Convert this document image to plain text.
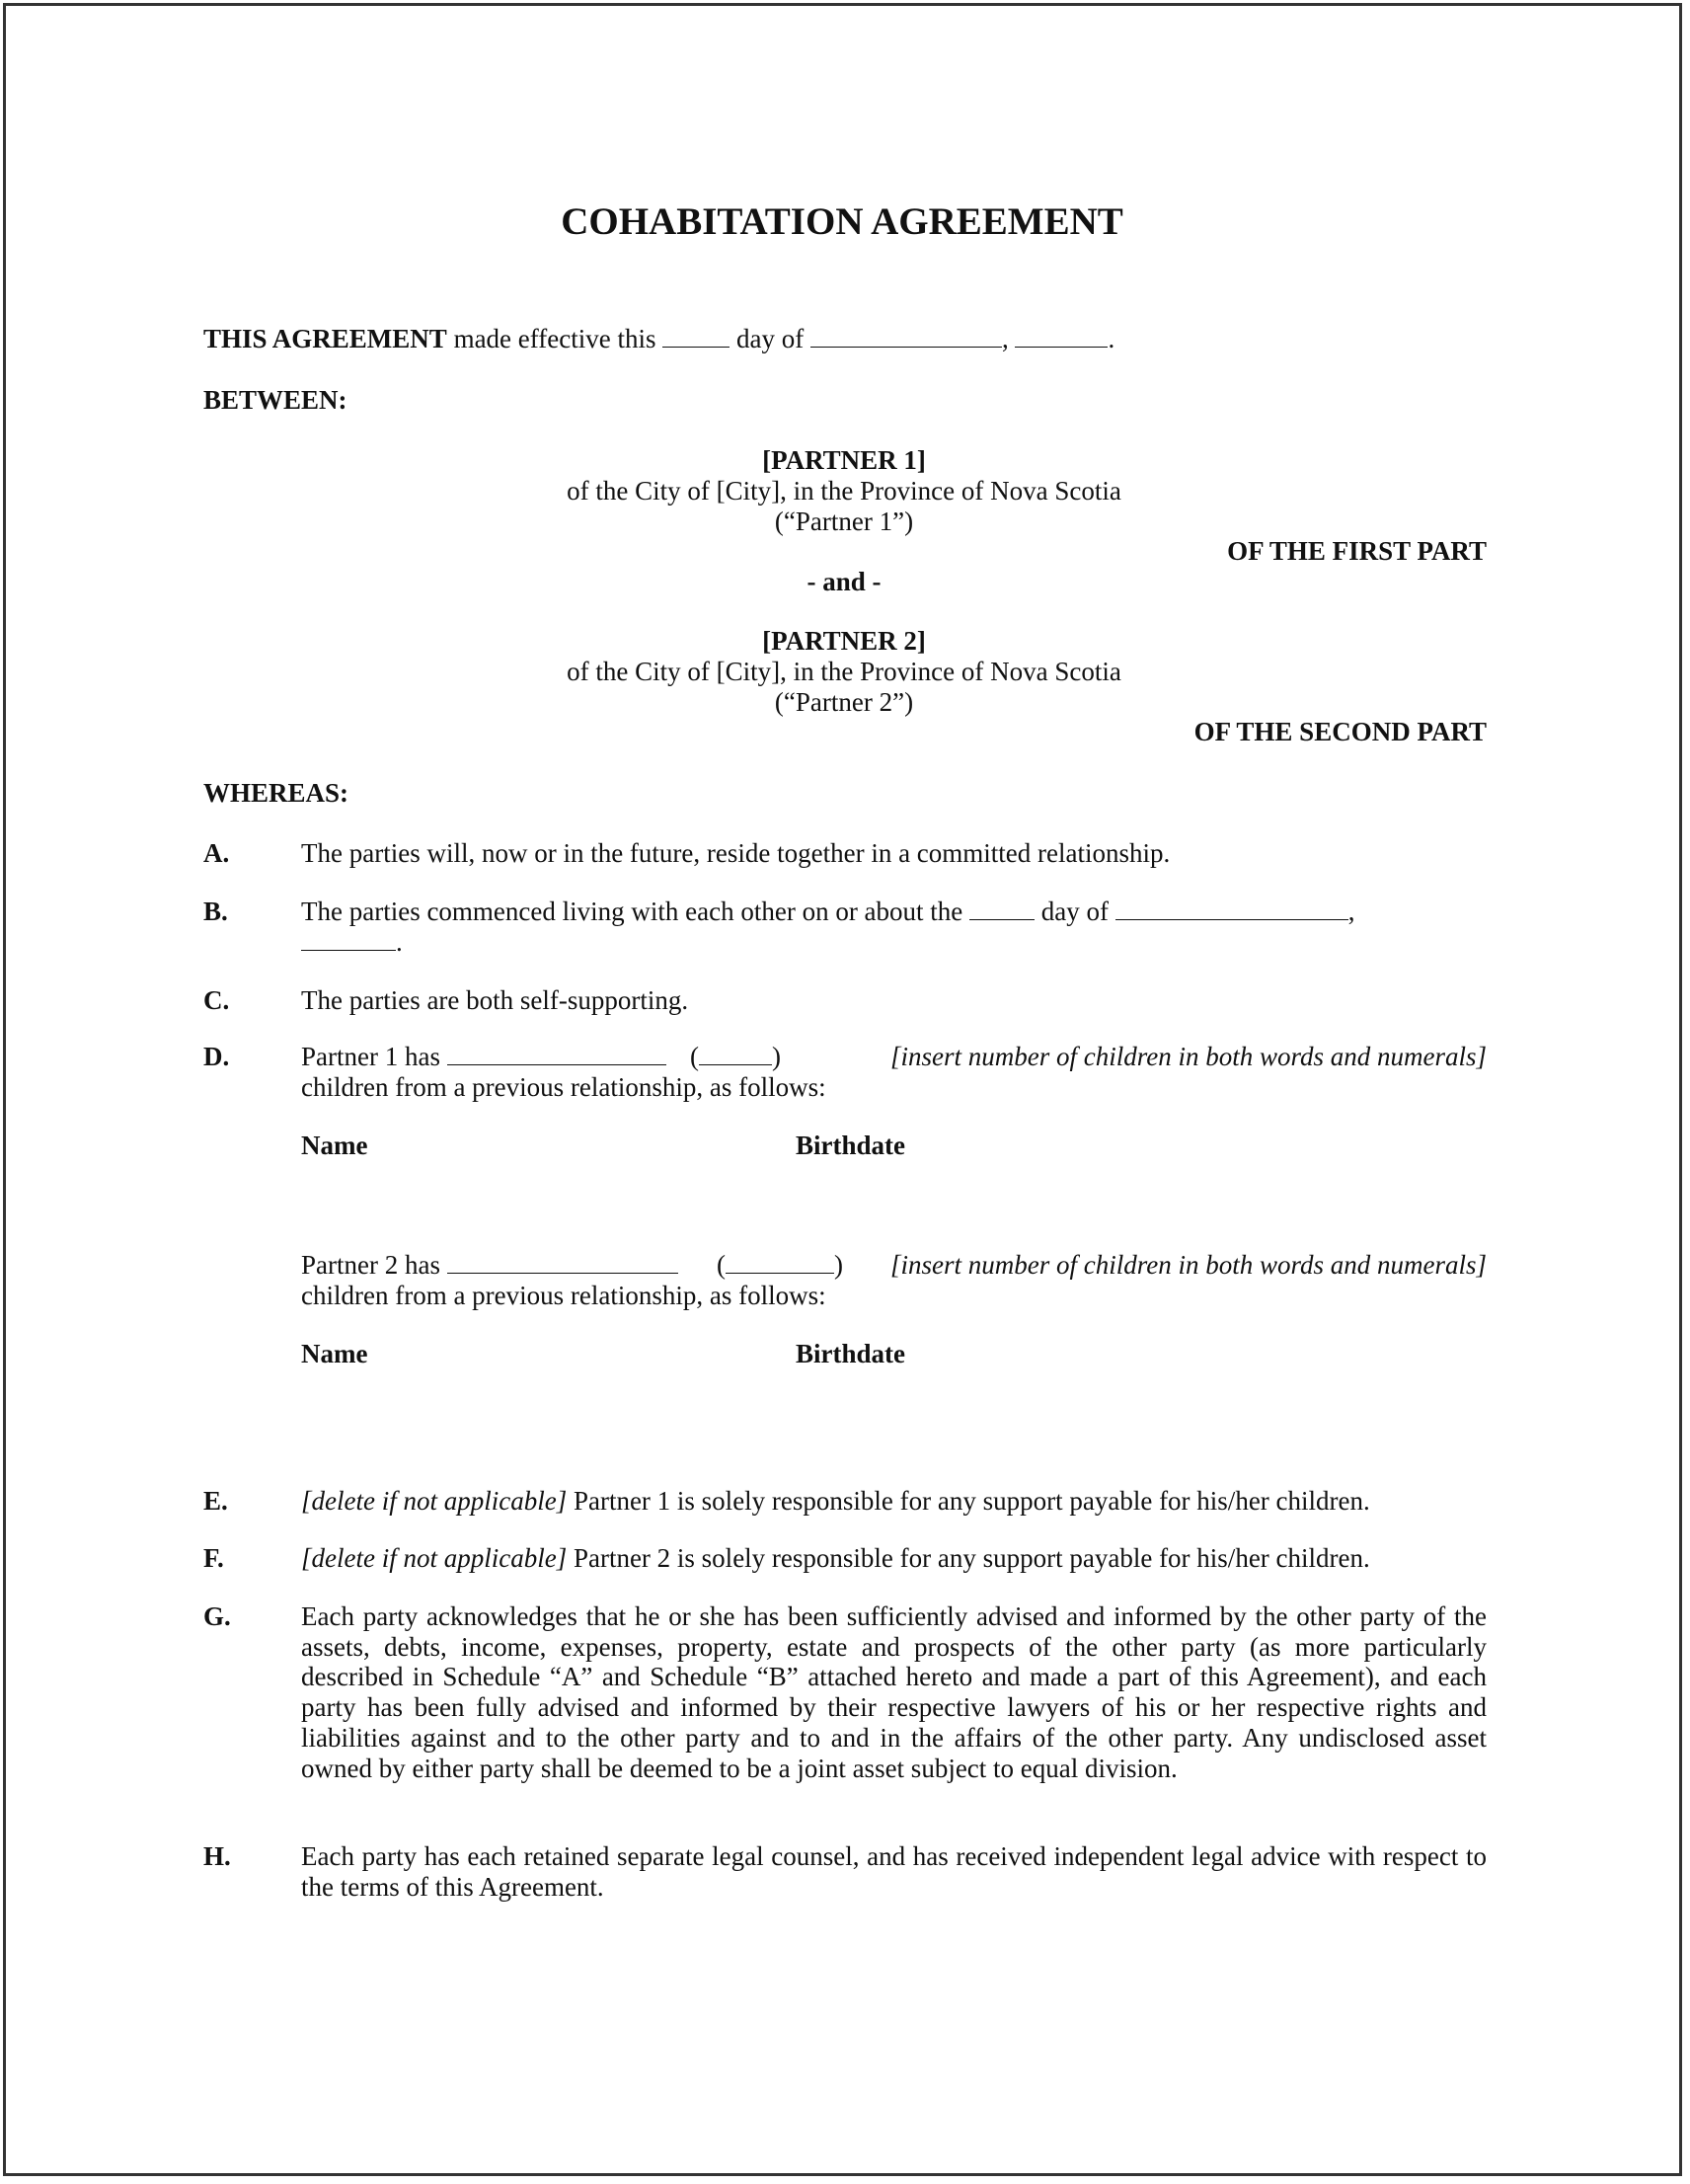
COHABITATION AGREEMENT
THIS AGREEMENT made effective this	day of	,	.
BETWEEN:
[PARTNER 1]
of the City of [City], in the Province of Nova Scotia
(“Partner 1”)
OF THE FIRST PART
- and -
[PARTNER 2]
of the City of [City], in the Province of Nova Scotia
(“Partner 2”)
OF THE SECOND PART
WHEREAS:
A.	The parties will, now or in the future, reside together in a committed relationship.
B.	The parties commenced living with each other on or about the	day of	,
.
C.	The parties are both self-supporting.
D.	Partner 1 has	(	)	[insert number of children in both words and numerals]
children from a previous relationship, as follows:
Name	Birthdate
Partner 2 has	(	)	[insert number of children in both words and numerals]
children from a previous relationship, as follows:
Name	Birthdate
E.	[delete if not applicable] Partner 1 is solely responsible for any support payable for his/her children.
F.	[delete if not applicable] Partner 2 is solely responsible for any support payable for his/her children.
G.	Each party acknowledges that he or she has been sufficiently advised and informed by the other party of the assets, debts, income, expenses, property, estate and prospects of the other party (as more particularly described in Schedule “A” and Schedule “B” attached hereto and made a part of this Agreement), and each party has been fully advised and informed by their respective lawyers of his or her respective rights and liabilities against and to the other party and to and in the affairs of the other party. Any undisclosed asset owned by either party shall be deemed to be a joint asset subject to equal division.
H.	Each party has each retained separate legal counsel, and has received independent legal advice with respect to the terms of this Agreement.
